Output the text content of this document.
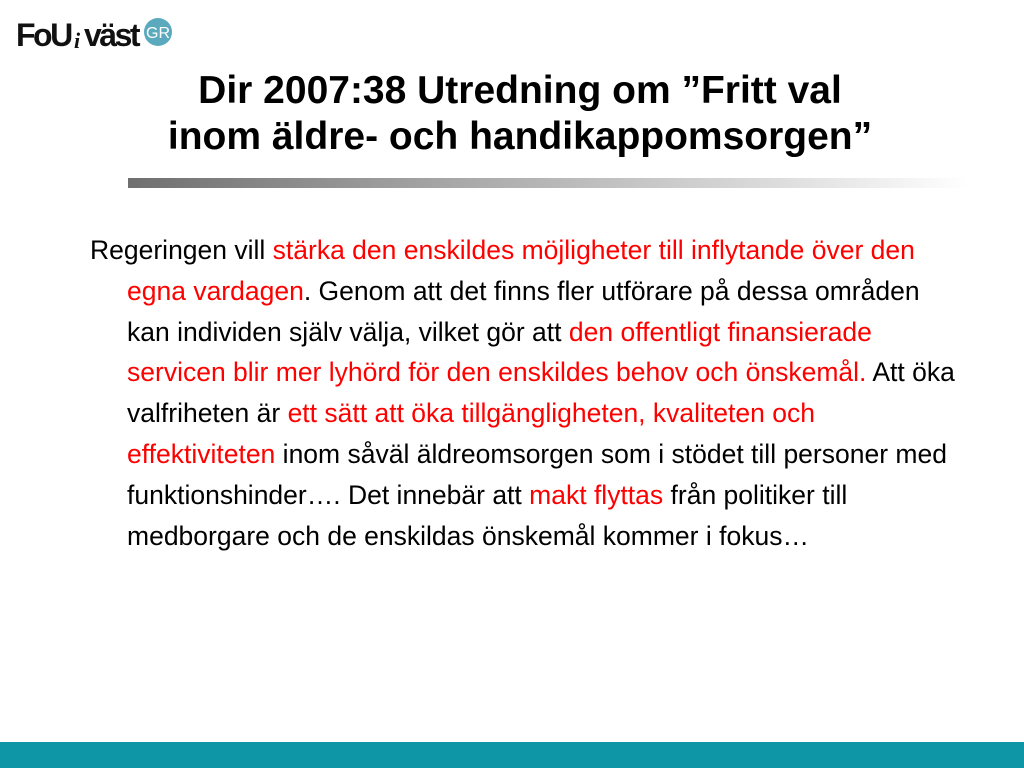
FoU i väst GR
Dir 2007:38 Utredning om ”Fritt val
inom äldre- och handikappomsorgen”

Regeringen vill stärka den enskildes möjligheter till inflytande över den egna vardagen. Genom att det finns fler utförare på dessa områden kan individen själv välja, vilket gör att den offentligt finansierade servicen blir mer lyhörd för den enskildes behov och önskemål. Att öka valfriheten är ett sätt att öka tillgängligheten, kvaliteten och effektiviteten inom såväl äldreomsorgen som i stödet till personer med funktionshinder…. Det innebär att makt flyttas från politiker till medborgare och de enskildas önskemål kommer i fokus…
